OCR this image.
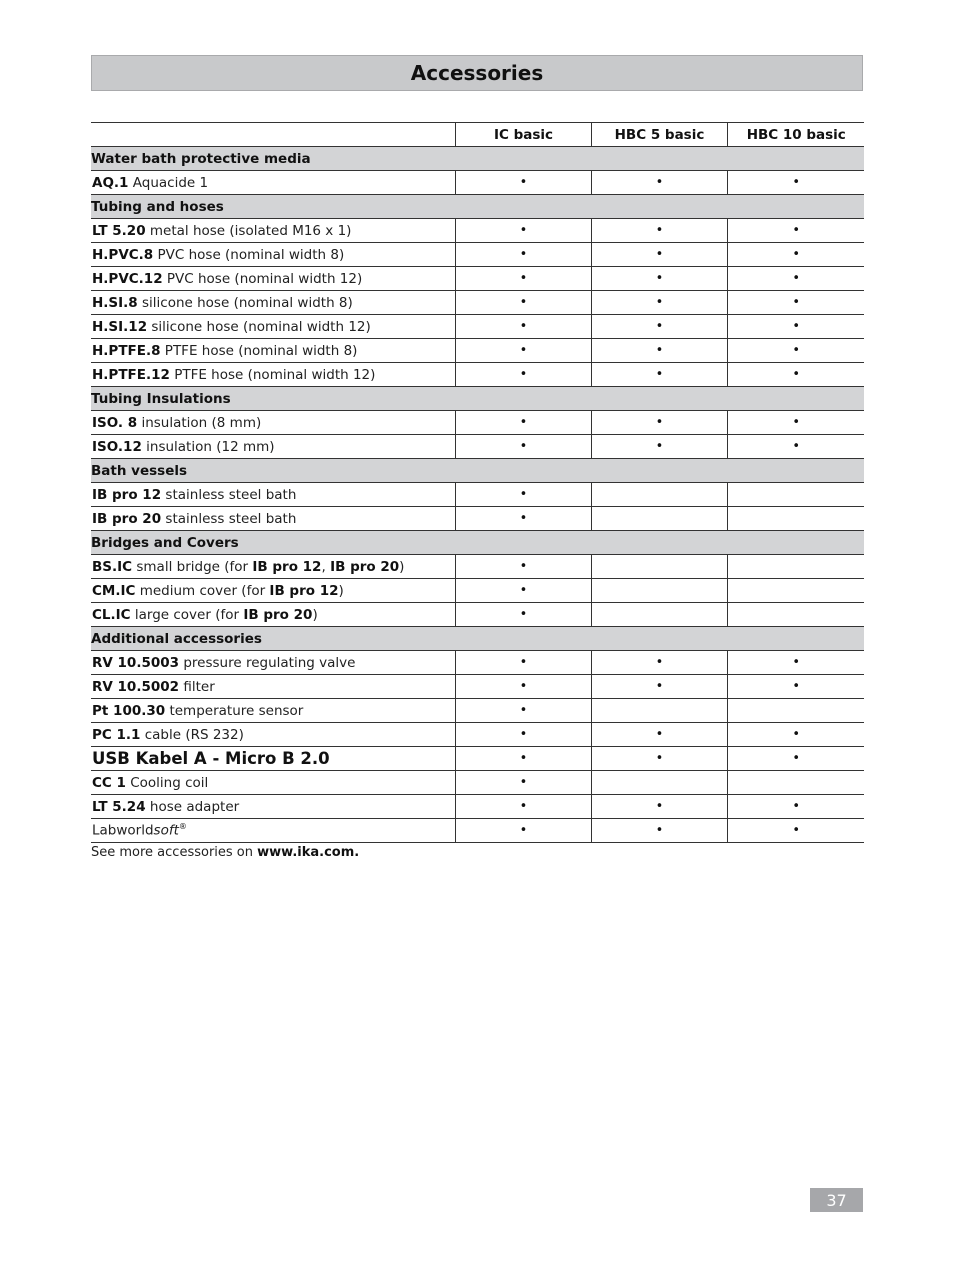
Accessories
	IC basic	HBC 5 basic	HBC 10 basic
Water bath protective media			
AQ.1 Aquacide 1	•	•	•
Tubing and hoses			
LT 5.20 metal hose (isolated M16 x 1)	•	•	•
H.PVC.8 PVC hose (nominal width 8)	•	•	•
H.PVC.12 PVC hose (nominal width 12)	•	•	•
H.SI.8 silicone hose (nominal width 8)	•	•	•
H.SI.12 silicone hose (nominal width 12)	•	•	•
H.PTFE.8 PTFE hose (nominal width 8)	•	•	•
H.PTFE.12 PTFE hose (nominal width 12)	•	•	•
Tubing Insulations			
ISO. 8 insulation (8 mm)	•	•	•
ISO.12 insulation (12 mm)	•	•	•
Bath vessels			
IB pro 12 stainless steel bath	•		
IB pro 20 stainless steel bath	•		
Bridges and Covers			
BS.IC small bridge (for IB pro 12, IB pro 20)	•		
CM.IC medium cover (for IB pro 12)	•		
CL.IC large cover (for IB pro 20)	•		
Additional accessories			
RV 10.5003 pressure regulating valve	•	•	•
RV 10.5002 filter	•	•	•
Pt 100.30 temperature sensor	•		
PC 1.1 cable (RS 232)	•	•	•
USB Kabel A - Micro B 2.0	•	•	•
CC 1 Cooling coil	•		
LT 5.24 hose adapter	•	•	•
Labworldsoft®	•	•	•
See more accessories on www.ika.com.
37
